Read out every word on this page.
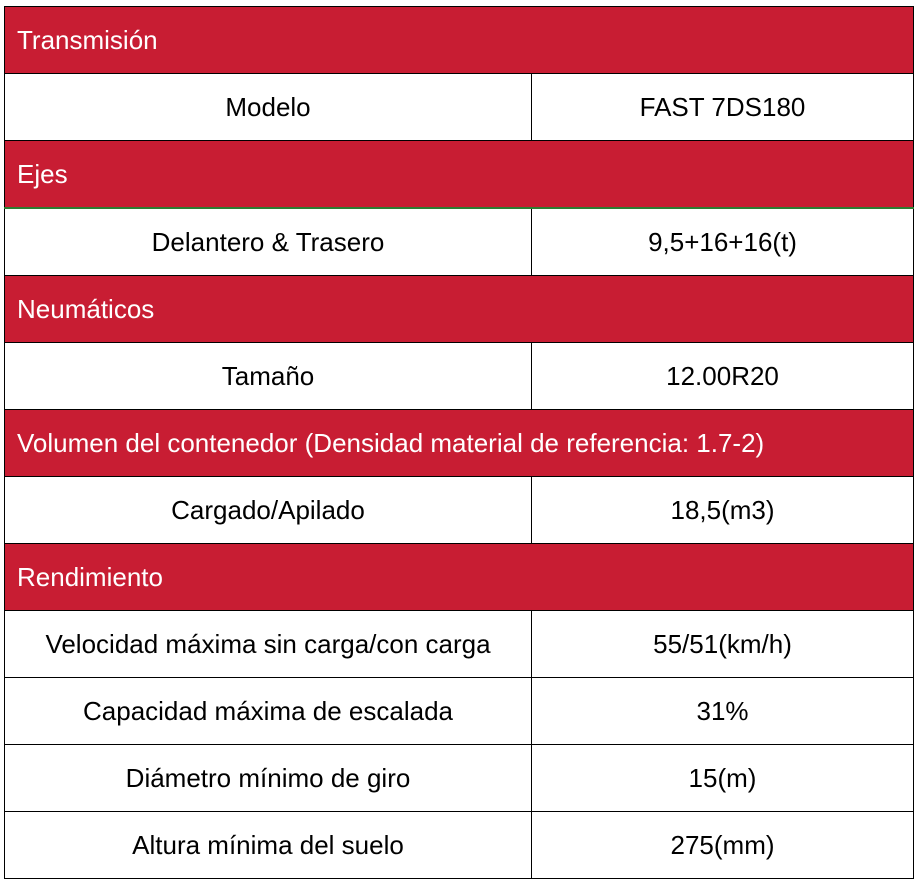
Transmisión	
Modelo	FAST 7DS180
Ejes	
Delantero & Trasero	9,5+16+16(t)
Neumáticos	
Tamaño	12.00R20
Volumen del contenedor (Densidad material de referencia: 1.7-2)	
Cargado/Apilado	18,5(m3)
Rendimiento	
Velocidad máxima sin carga/con carga	55/51(km/h)
Capacidad máxima de escalada	31%
Diámetro mínimo de giro	15(m)
Altura mínima del suelo	275(mm)
